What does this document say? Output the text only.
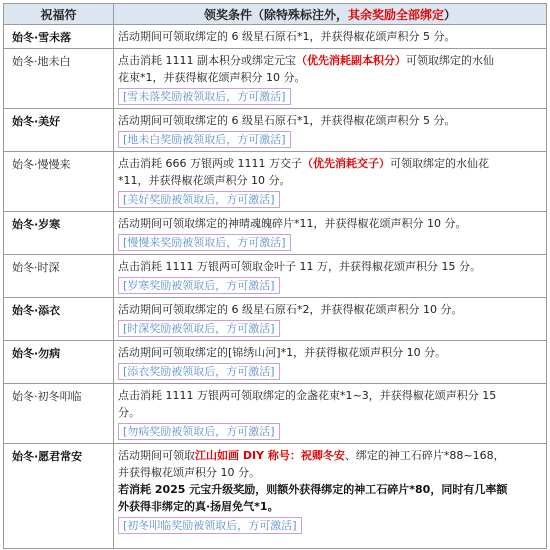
祝福符	领奖条件（除特殊标注外，其余奖励全部绑定）
始冬·雪未落	活动期间可领取绑定的 6 级星石原石*1，并获得椒花颂声积分 5 分。

始冬·地未白	点击消耗 1111 副本积分或绑定元宝（优先消耗副本积分）可领取绑定的水仙
花束*1，并获得椒花颂声积分 10 分。
[雪未落奖励被领取后，方可激活]
始冬·美好	活动期间可领取绑定的 6 级星石原石*1，并获得椒花颂声积分 5 分。
[地未白奖励被领取后，方可激活]
始冬·慢慢来	点击消耗 666 万银两或 1111 万交子（优先消耗交子）可领取绑定的水仙花
*11，并获得椒花颂声积分 10 分。
[美好奖励被领取后，方可激活]
始冬·岁寒	活动期间可领取绑定的神晴魂魄碎片*11，并获得椒花颂声积分 10 分。
[慢慢来奖励被领取后，方可激活]
始冬·时深	点击消耗 1111 万银两可领取金叶子 11 万，并获得椒花颂声积分 15 分。
[岁寒奖励被领取后，方可激活]
始冬·添衣	活动期间可领取绑定的 6 级星石原石*2，并获得椒花颂声积分 10 分。
[时深奖励被领取后，方可激活]
始冬·勿病	活动期间可领取绑定的[锦绣山河]*1，并获得椒花颂声积分 10 分。
[添衣奖励被领取后，方可激活]
始冬·初冬叩临	点击消耗 1111 万银两可领取绑定的金盏花束*1~3，并获得椒花颂声积分 15
分。
[勿病奖励被领取后，方可激活]
始冬·愿君常安	活动期间可领取江山如画 DIY 称号：祝卿冬安、绑定的神工石碎片*88~168，
并获得椒花颂声积分 10 分。
若消耗 2025 元宝升级奖励，则额外获得绑定的神工石碎片*80，同时有几率额
外获得非绑定的真·扬眉免气*1。
[初冬叩临奖励被领取后，方可激活]
